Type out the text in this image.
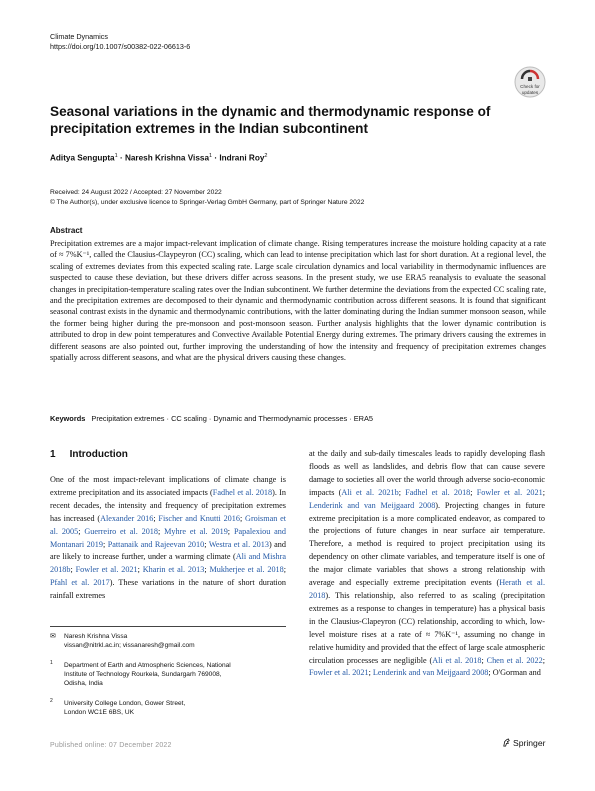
Climate Dynamics
https://doi.org/10.1007/s00382-022-06613-6
Check for
updates
Seasonal variations in the dynamic and thermodynamic response of precipitation extremes in the Indian subcontinent
Aditya Sengupta$^1$ · Naresh Krishna Vissa$^1$ · Indrani Roy$^2$
Received: 24 August 2022 / Accepted: 27 November 2022
© The Author(s), under exclusive licence to Springer-Verlag GmbH Germany, part of Springer Nature 2022
Abstract
Precipitation extremes are a major impact-relevant implication of climate change. Rising temperatures increase the moisture holding capacity at a rate of ≈ 7%K⁻¹, called the Clausius-Claypeyron (CC) scaling, which can lead to intense precipitation which last for short duration. At a regional level, the scaling of extremes deviates from this expected scaling rate. Large scale circulation dynamics and local variability in thermodynamic influences are suspected to cause these deviation, but these drivers differ across seasons. In the present study, we use ERA5 reanalysis to evaluate the seasonal changes in precipitation-temperature scaling rates over the Indian subcontinent. We further determine the deviations from the expected CC scaling rate, and the precipitation extremes are decomposed to their dynamic and thermodynamic contribution across different seasons. It is found that significant seasonal contrast exists in the dynamic and thermodynamic contributions, with the latter dominating during the Indian summer monsoon season, while the former being higher during the pre-monsoon and post-monsoon season. Further analysis highlights that the lower dynamic contribution is attributed to drop in dew point temperatures and Convective Available Potential Energy during extremes. The primary drivers causing the extremes in different seasons are also pointed out, further improving the understanding of how the intensity and frequency of precipitation extremes changes spatially across different seasons, and what are the physical drivers causing these changes.
Keywords Precipitation extremes · CC scaling · Dynamic and Thermodynamic processes · ERA5
1 Introduction
One of the most impact-relevant implications of climate change is extreme precipitation and its associated impacts (Fadhel et al. 2018). In recent decades, the intensity and frequency of precipitation extremes has increased (Alexander 2016; Fischer and Knutti 2016; Groisman et al. 2005; Guerreiro et al. 2018; Myhre et al. 2019; Papalexiou and Montanari 2019; Pattanaik and Rajeevan 2010; Westra et al. 2013) and are likely to increase further, under a warming climate (Ali and Mishra 2018b; Fowler et al. 2021; Kharin et al. 2013; Mukherjee et al. 2018; Pfahl et al. 2017). These variations in the nature of short duration rainfall extremes
at the daily and sub-daily timescales leads to rapidly developing flash floods as well as landslides, and debris flow that can cause severe damage to societies all over the world through adverse socio-economic impacts (Ali et al. 2021b; Fadhel et al. 2018; Fowler et al. 2021; Lenderink and van Meijgaard 2008). Projecting changes in future extreme precipitation is a more complicated endeavor, as compared to the projections of future changes in near surface air temperature. Therefore, a method is required to project precipitation using its dependency on other climate variables, and temperature itself is one of the major climate variables that shows a strong relationship with average and especially extreme precipitation events (Herath et al. 2018). This relationship, also referred to as scaling (precipitation extremes as a response to changes in temperature) has a physical basis in the Clausius-Clapeyron (CC) relationship, according to which, low-level moisture rises at a rate of ≈ 7%K⁻¹, assuming no change in relative humidity and provided that the effect of large scale atmospheric circulation processes are negligible (Ali et al. 2018; Chen et al. 2022; Fowler et al. 2021; Lenderink and van Meijgaard 2008; O'Gorman and
✉ Naresh Krishna Vissa
vissan@nitrkl.ac.in; vissanaresh@gmail.com
1 Department of Earth and Atmospheric Sciences, National
Institute of Technology Rourkela, Sundargarh 769008,
Odisha, India
2 University College London, Gower Street,
London WC1E 6BS, UK
Published online: 07 December 2022	Springer
